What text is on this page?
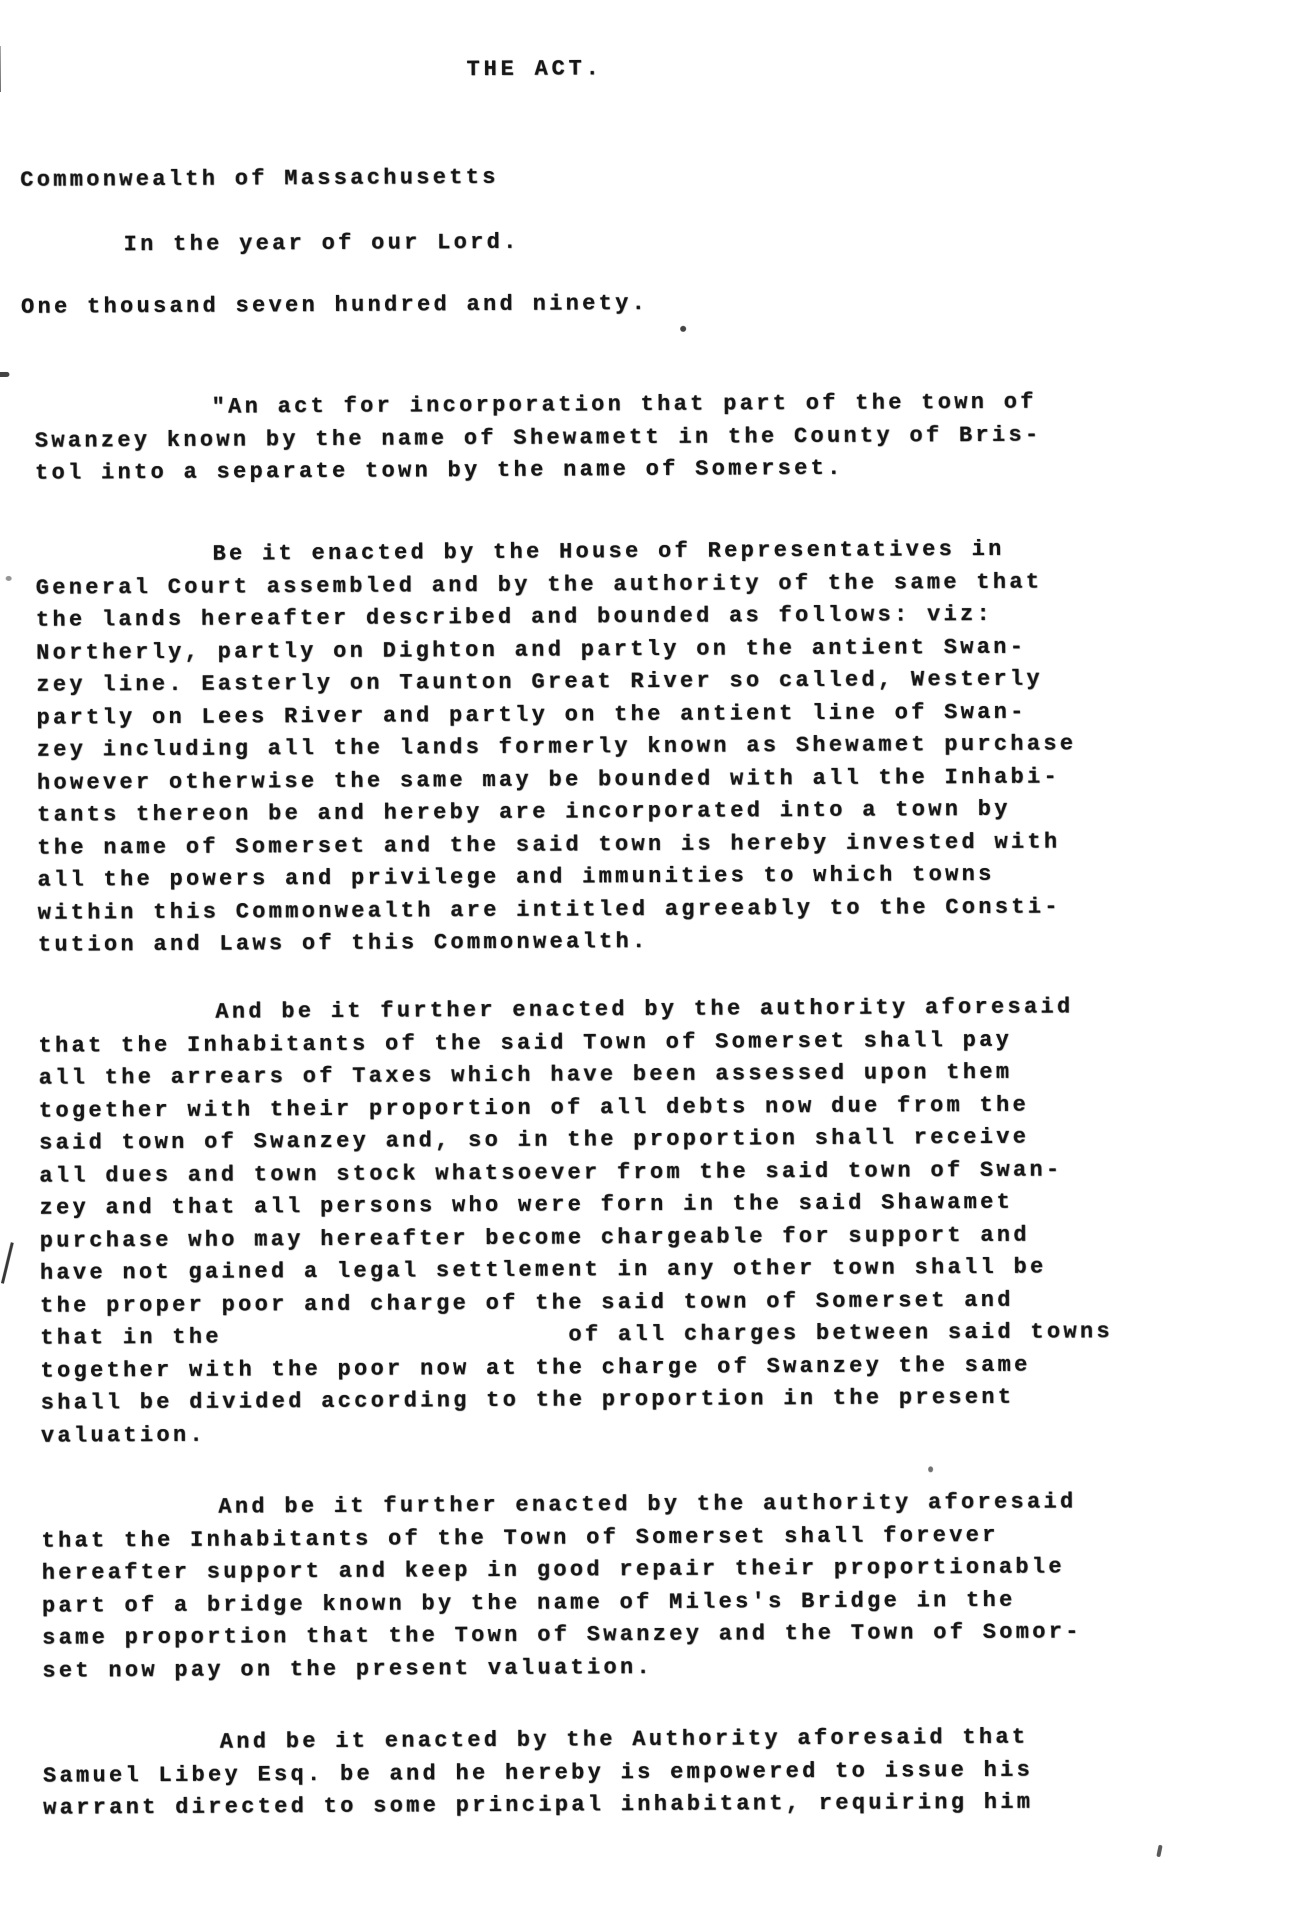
THE ACT.
Commonwealth of Massachusetts
In the year of our Lord.
One thousand seven hundred and ninety.
"An act for incorporation that part of the town of
Swanzey known by the name of Shewamett in the County of Bris-
tol into a separate town by the name of Somerset.
Be it enacted by the House of Representatives in
General Court assembled and by the authority of the same that
the lands hereafter described and bounded as follows: viz:
Northerly, partly on Dighton and partly on the antient Swan-
zey line. Easterly on Taunton Great River so called, Westerly
partly on Lees River and partly on the antient line of Swan-
zey including all the lands formerly known as Shewamet purchase
however otherwise the same may be bounded with all the Inhabi-
tants thereon be and hereby are incorporated into a town by
the name of Somerset and the said town is hereby invested with
all the powers and privilege and immunities to which towns
within this Commonwealth are intitled agreeably to the Consti-
tution and Laws of this Commonwealth.
And be it further enacted by the authority aforesaid
that the Inhabitants of the said Town of Somerset shall pay
all the arrears of Taxes which have been assessed upon them
together with their proportion of all debts now due from the
said town of Swanzey and, so in the proportion shall receive
all dues and town stock whatsoever from the said town of Swan-
zey and that all persons who were forn in the said Shawamet
purchase who may hereafter become chargeable for support and
have not gained a legal settlement in any other town shall be
the proper poor and charge of the said town of Somerset and
that in the                     of all charges between said towns
together with the poor now at the charge of Swanzey the same
shall be divided according to the proportion in the present
valuation.
And be it further enacted by the authority aforesaid
that the Inhabitants of the Town of Somerset shall forever
hereafter support and keep in good repair their proportionable
part of a bridge known by the name of Miles's Bridge in the
same proportion that the Town of Swanzey and the Town of Somor-
set now pay on the present valuation.
And be it enacted by the Authority aforesaid that
Samuel Libey Esq. be and he hereby is empowered to issue his
warrant directed to some principal inhabitant, requiring him
